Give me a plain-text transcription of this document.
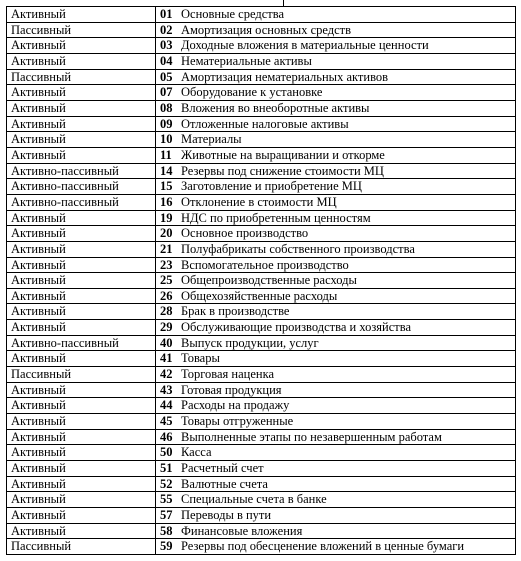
Активный	01 Основные средства
Пассивный	02 Амортизация основных средств
Активный	03 Доходные вложения в материальные ценности
Активный	04 Нематериальные активы
Пассивный	05 Амортизация нематериальных активов
Активный	07 Оборудование к установке
Активный	08 Вложения во внеоборотные активы
Активный	09 Отложенные налоговые активы
Активный	10 Материалы
Активный	11 Животные на выращивании и откорме
Активно-пассивный	14 Резервы под снижение стоимости МЦ
Активно-пассивный	15 Заготовление и приобретение МЦ
Активно-пассивный	16 Отклонение в стоимости МЦ
Активный	19 НДС по приобретенным ценностям
Активный	20 Основное производство
Активный	21 Полуфабрикаты собственного производства
Активный	23 Вспомогательное производство
Активный	25 Общепроизводственные расходы
Активный	26 Общехозяйственные расходы
Активный	28 Брак в производстве
Активный	29 Обслуживающие производства и хозяйства
Активно-пассивный	40 Выпуск продукции, услуг
Активный	41 Товары
Пассивный	42 Торговая наценка
Активный	43 Готовая продукция
Активный	44 Расходы на продажу
Активный	45 Товары отгруженные
Активный	46 Выполненные этапы по незавершенным работам
Активный	50 Касса
Активный	51 Расчетный счет
Активный	52 Валютные счета
Активный	55 Специальные счета в банке
Активный	57 Переводы в пути
Активный	58 Финансовые вложения
Пассивный	59 Резервы под обесценение вложений в ценные бумаги
